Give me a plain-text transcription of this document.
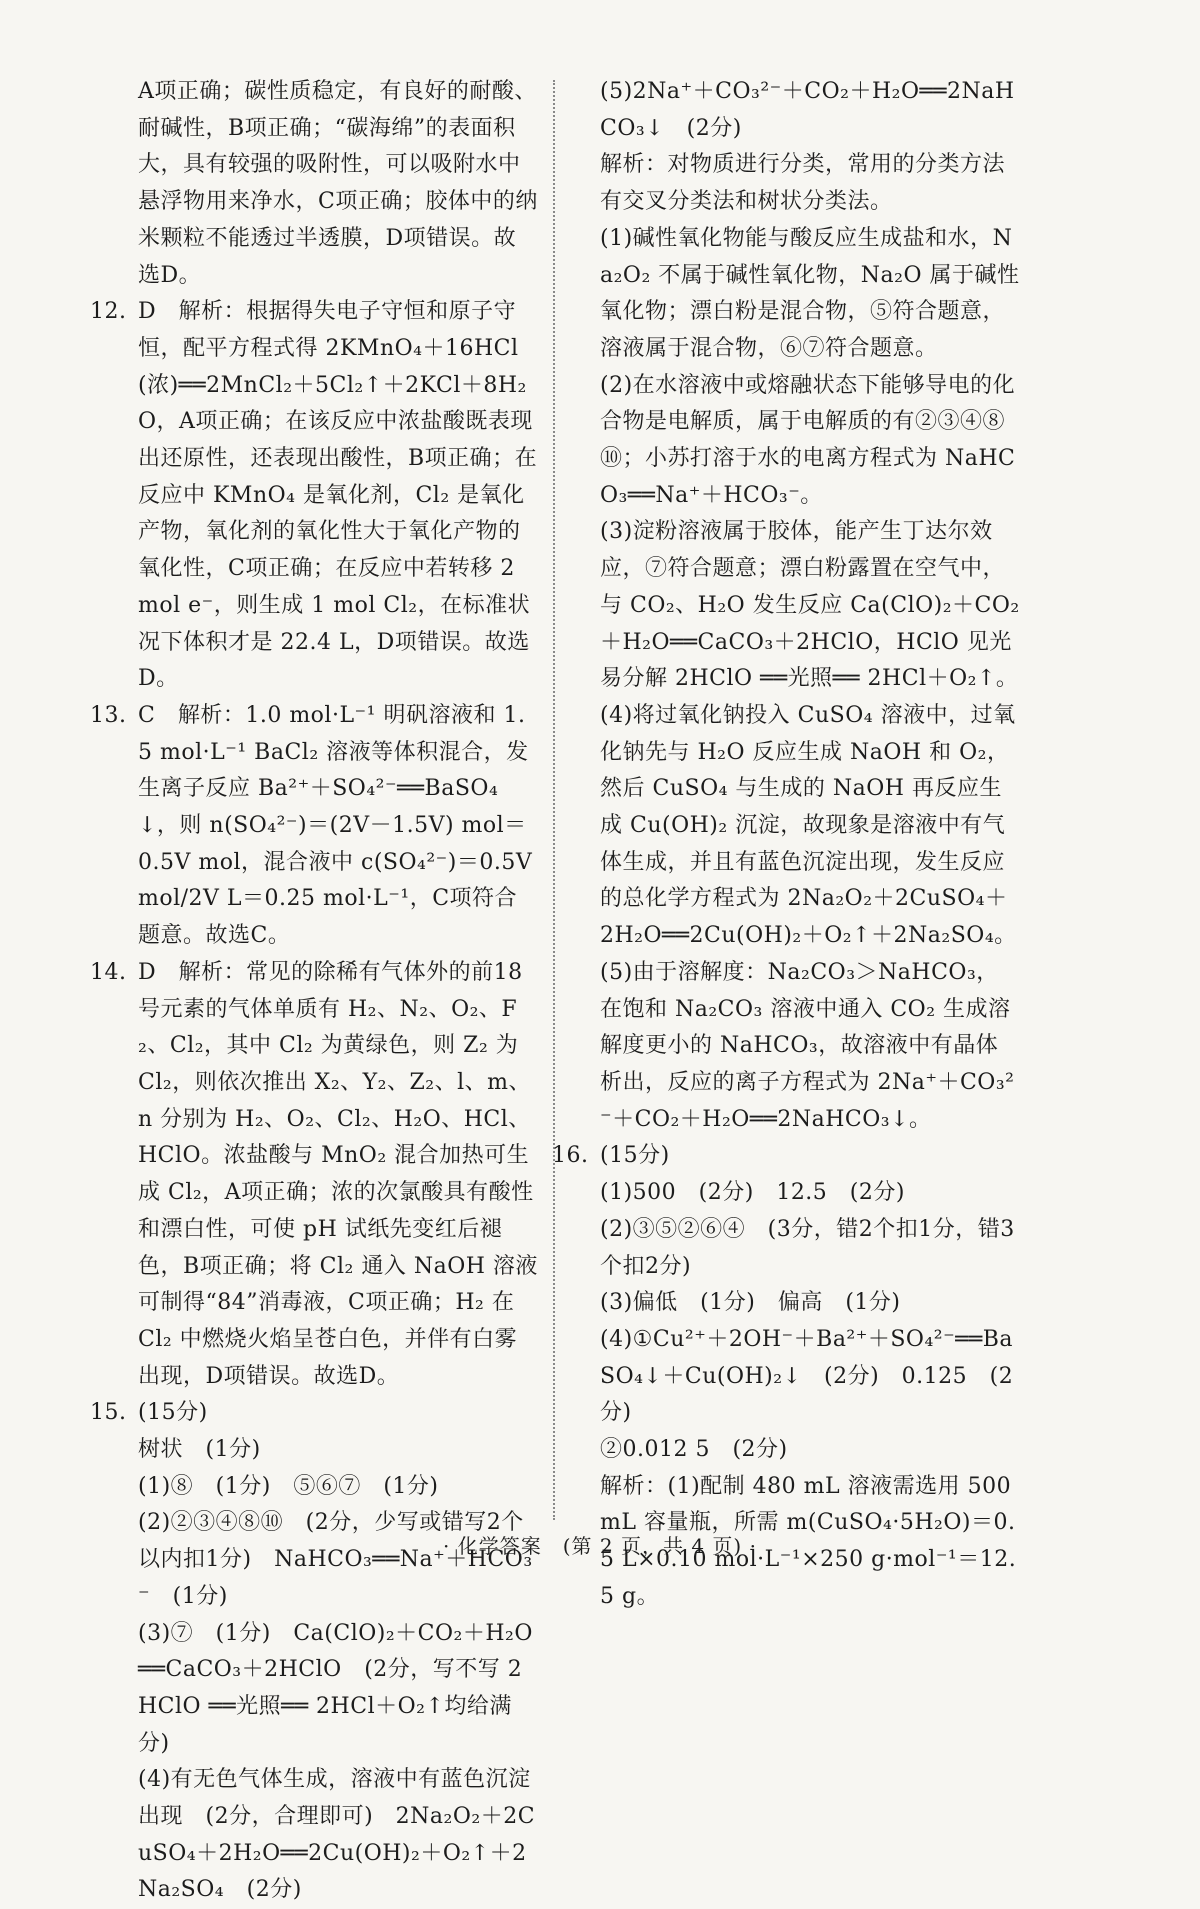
A项正确；碳性质稳定，有良好的耐酸、耐碱性，B项正确；“碳海绵”的表面积大，具有较强的吸附性，可以吸附水中悬浮物用来净水，C项正确；胶体中的纳米颗粒不能透过半透膜，D项错误。故选D。

12. D　解析：根据得失电子守恒和原子守恒，配平方程式得 2KMnO₄＋16HCl(浓)══2MnCl₂＋5Cl₂↑＋2KCl＋8H₂O，A项正确；在该反应中浓盐酸既表现出还原性，还表现出酸性，B项正确；在反应中 KMnO₄ 是氧化剂，Cl₂ 是氧化产物，氧化剂的氧化性大于氧化产物的氧化性，C项正确；在反应中若转移 2 mol e⁻，则生成 1 mol Cl₂，在标准状况下体积才是 22.4 L，D项错误。故选D。

13. C　解析：1.0 mol·L⁻¹ 明矾溶液和 1.5 mol·L⁻¹ BaCl₂ 溶液等体积混合，发生离子反应 Ba²⁺＋SO₄²⁻══BaSO₄↓，则 n(SO₄²⁻)＝(2V－1.5V) mol＝0.5V mol，混合液中 c(SO₄²⁻)＝0.5V mol/2V L＝0.25 mol·L⁻¹，C项符合题意。故选C。

14. D　解析：常见的除稀有气体外的前18号元素的气体单质有 H₂、N₂、O₂、F₂、Cl₂，其中 Cl₂ 为黄绿色，则 Z₂ 为 Cl₂，则依次推出 X₂、Y₂、Z₂、l、m、n 分别为 H₂、O₂、Cl₂、H₂O、HCl、HClO。浓盐酸与 MnO₂ 混合加热可生成 Cl₂，A项正确；浓的次氯酸具有酸性和漂白性，可使 pH 试纸先变红后褪色，B项正确；将 Cl₂ 通入 NaOH 溶液可制得“84”消毒液，C项正确；H₂ 在 Cl₂ 中燃烧火焰呈苍白色，并伴有白雾出现，D项错误。故选D。

15. (15分)

树状　(1分)

(1)⑧　(1分)　⑤⑥⑦　(1分)

(2)②③④⑧⑩　(2分，少写或错写2个以内扣1分)　NaHCO₃══Na⁺＋HCO₃⁻　(1分)

(3)⑦　(1分)　Ca(ClO)₂＋CO₂＋H₂O══CaCO₃＋2HClO　(2分，写不写 2HClO ══光照══ 2HCl＋O₂↑均给满分)

(4)有无色气体生成，溶液中有蓝色沉淀出现　(2分，合理即可)　2Na₂O₂＋2CuSO₄＋2H₂O══2Cu(OH)₂＋O₂↑＋2Na₂SO₄　(2分)

(5)2Na⁺＋CO₃²⁻＋CO₂＋H₂O══2NaHCO₃↓　(2分)

解析：对物质进行分类，常用的分类方法有交叉分类法和树状分类法。

(1)碱性氧化物能与酸反应生成盐和水，Na₂O₂ 不属于碱性氧化物，Na₂O 属于碱性氧化物；漂白粉是混合物，⑤符合题意，溶液属于混合物，⑥⑦符合题意。

(2)在水溶液中或熔融状态下能够导电的化合物是电解质，属于电解质的有②③④⑧⑩；小苏打溶于水的电离方程式为 NaHCO₃══Na⁺＋HCO₃⁻。

(3)淀粉溶液属于胶体，能产生丁达尔效应，⑦符合题意；漂白粉露置在空气中，与 CO₂、H₂O 发生反应 Ca(ClO)₂＋CO₂＋H₂O══CaCO₃＋2HClO，HClO 见光易分解 2HClO ══光照══ 2HCl＋O₂↑。

(4)将过氧化钠投入 CuSO₄ 溶液中，过氧化钠先与 H₂O 反应生成 NaOH 和 O₂，然后 CuSO₄ 与生成的 NaOH 再反应生成 Cu(OH)₂ 沉淀，故现象是溶液中有气体生成，并且有蓝色沉淀出现，发生反应的总化学方程式为 2Na₂O₂＋2CuSO₄＋2H₂O══2Cu(OH)₂＋O₂↑＋2Na₂SO₄。

(5)由于溶解度：Na₂CO₃＞NaHCO₃，在饱和 Na₂CO₃ 溶液中通入 CO₂ 生成溶解度更小的 NaHCO₃，故溶液中有晶体析出，反应的离子方程式为 2Na⁺＋CO₃²⁻＋CO₂＋H₂O══2NaHCO₃↓。

16. (15分)

(1)500　(2分)　12.5　(2分)

(2)③⑤②⑥④　(3分，错2个扣1分，错3个扣2分)

(3)偏低　(1分)　偏高　(1分)

(4)①Cu²⁺＋2OH⁻＋Ba²⁺＋SO₄²⁻══BaSO₄↓＋Cu(OH)₂↓　(2分)　0.125　(2分)

②0.012 5　(2分)

解析：(1)配制 480 mL 溶液需选用 500 mL 容量瓶，所需 m(CuSO₄·5H₂O)＝0.5 L×0.10 mol·L⁻¹×250 g·mol⁻¹＝12.5 g。

· 化学答案　(第 2 页，共 4 页) ·
